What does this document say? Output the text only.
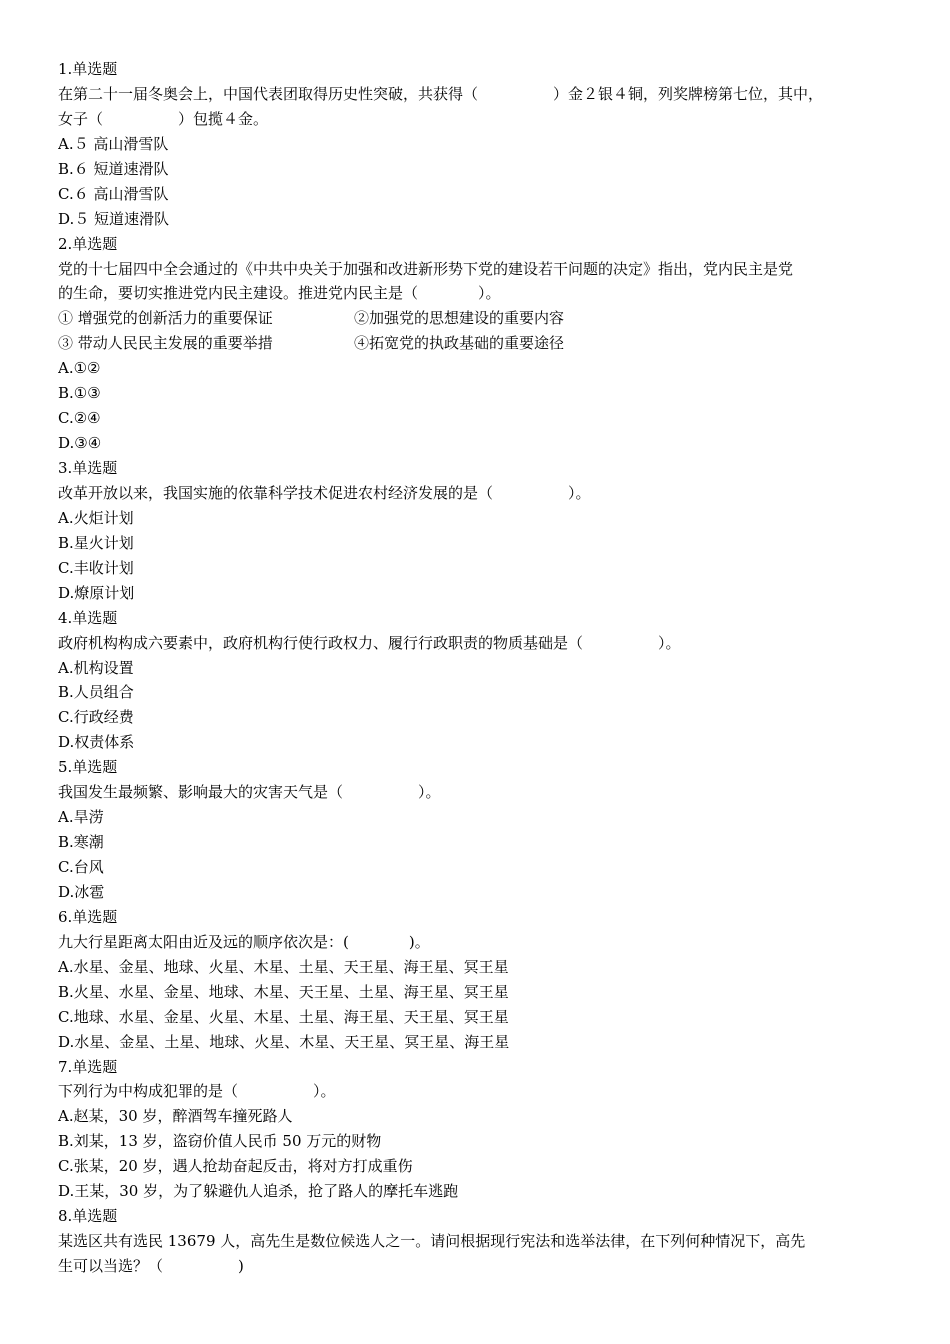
1.单选题
在第二十一届冬奥会上，中国代表团取得历史性突破，共获得（　　　　　）金２银４铜，列奖牌榜第七位，其中，
女子（　　　　　）包揽４金。
A.５ 高山滑雪队
B.６ 短道速滑队
C.６ 高山滑雪队
D.５ 短道速滑队
2.单选题
党的十七届四中全会通过的《中共中央关于加强和改进新形势下党的建设若干问题的决定》指出，党内民主是党
的生命，要切实推进党内民主建设。推进党内民主是（　　　　）。
① 增强党的创新活力的重要保证	②加强党的思想建设的重要内容
③ 带动人民民主发展的重要举措	④拓宽党的执政基础的重要途径
A.①②
B.①③
C.②④
D.③④
3.单选题
改革开放以来，我国实施的依靠科学技术促进农村经济发展的是（　　　　　）。
A.火炬计划
B.星火计划
C.丰收计划
D.燎原计划
4.单选题
政府机构构成六要素中，政府机构行使行政权力、履行行政职责的物质基础是（　　　　　）。
A.机构设置
B.人员组合
C.行政经费
D.权责体系
5.单选题
我国发生最频繁、影响最大的灾害天气是（　　　　　）。
A.旱涝
B.寒潮
C.台风
D.冰雹
6.单选题
九大行星距离太阳由近及远的顺序依次是：(　　　　)。
A.水星、金星、地球、火星、木星、土星、天王星、海王星、冥王星
B.火星、水星、金星、地球、木星、天王星、土星、海王星、冥王星
C.地球、水星、金星、火星、木星、土星、海王星、天王星、冥王星
D.水星、金星、土星、地球、火星、木星、天王星、冥王星、海王星
7.单选题
下列行为中构成犯罪的是（　　　　　）。
A.赵某，30 岁，醉酒驾车撞死路人
B.刘某，13 岁，盗窃价值人民币 50 万元的财物
C.张某，20 岁，遇人抢劫奋起反击，将对方打成重伤
D.王某，30 岁，为了躲避仇人追杀，抢了路人的摩托车逃跑
8.单选题
某选区共有选民 13679 人，高先生是数位候选人之一。请问根据现行宪法和选举法律，在下列何种情况下，高先
生可以当选？（　　　　　)
